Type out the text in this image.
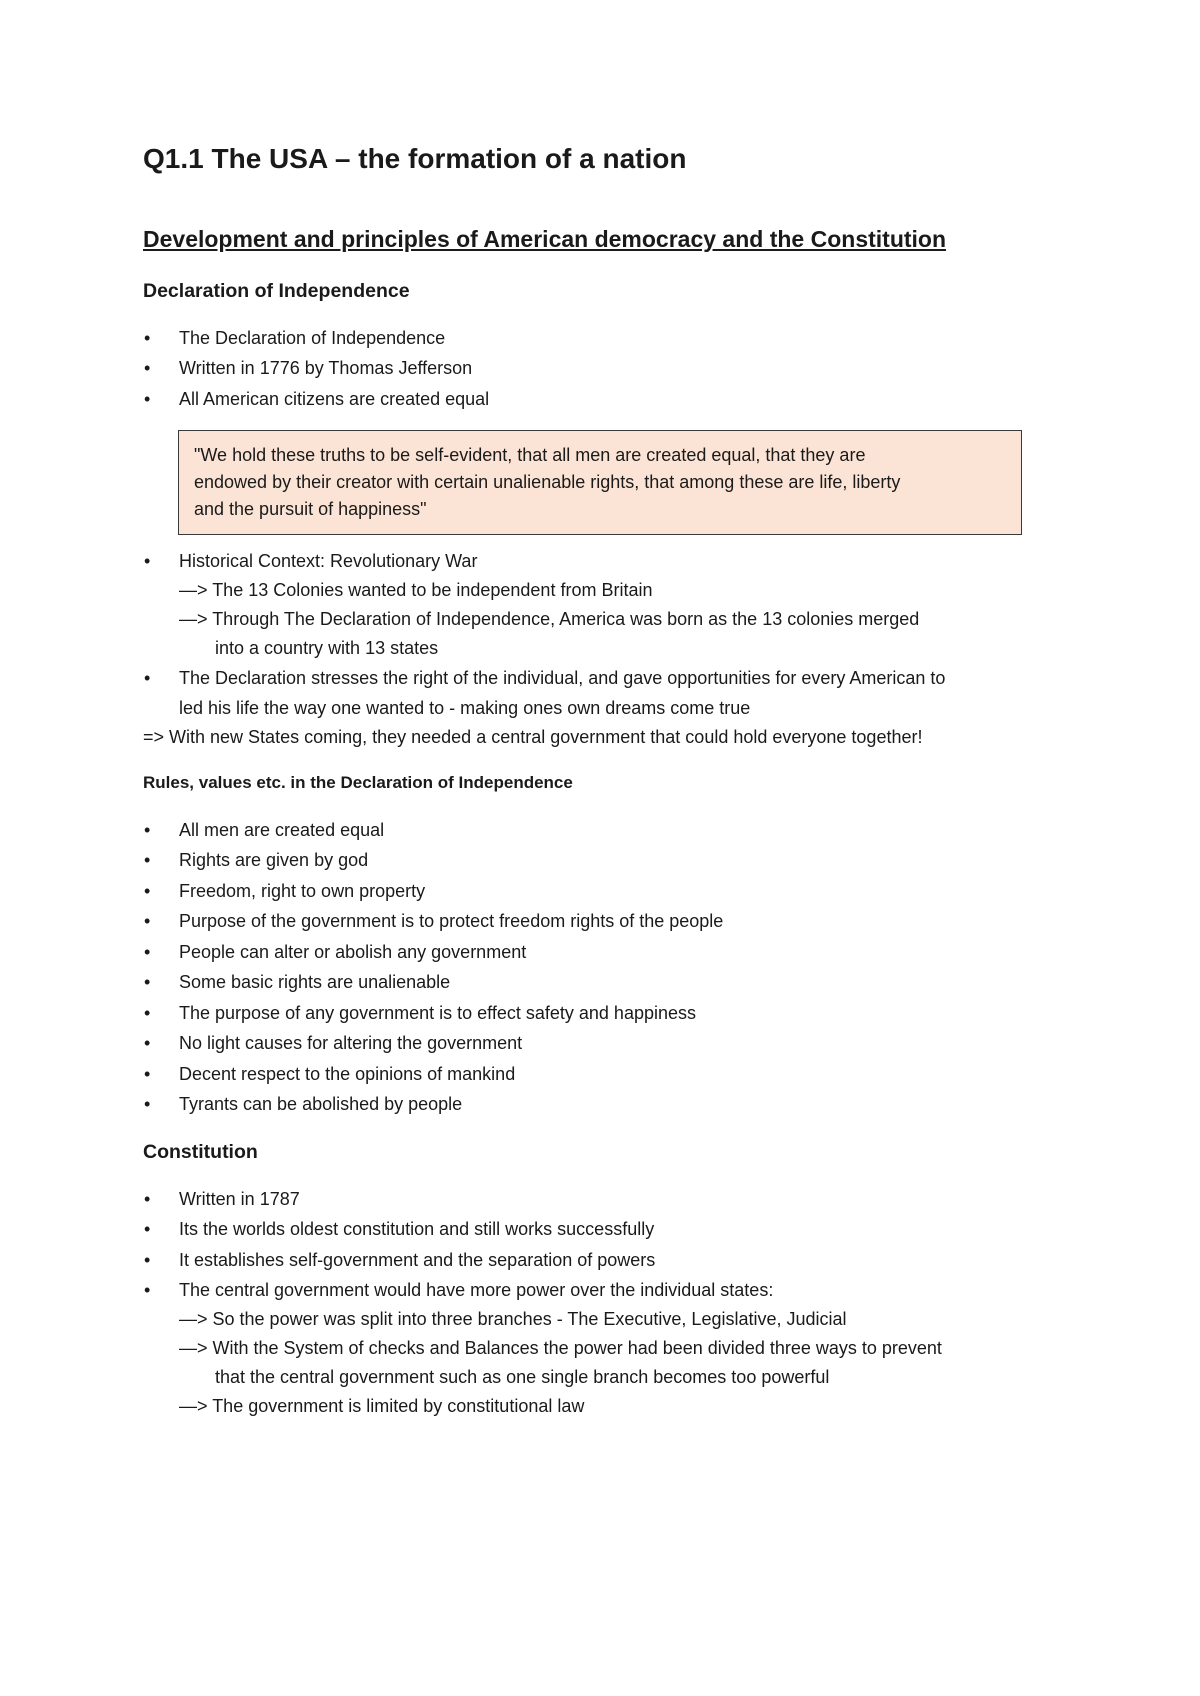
Q1.1 The USA – the formation of a nation
Development and principles of American democracy and the Constitution
Declaration of Independence
• The Declaration of Independence
• Written in 1776 by Thomas Jefferson
• All American citizens are created equal
"We hold these truths to be self-evident, that all men are created equal, that they are
endowed by their creator with certain unalienable rights, that among these are life, liberty
and the pursuit of happiness"
• Historical Context: Revolutionary War
—> The 13 Colonies wanted to be independent from Britain
—> Through The Declaration of Independence, America was born as the 13 colonies merged
into a country with 13 states
• The Declaration stresses the right of the individual, and gave opportunities for every American to
led his life the way one wanted to - making ones own dreams come true
=> With new States coming, they needed a central government that could hold everyone together!
Rules, values etc. in the Declaration of Independence
• All men are created equal
• Rights are given by god
• Freedom, right to own property
• Purpose of the government is to protect freedom rights of the people
• People can alter or abolish any government
• Some basic rights are unalienable
• The purpose of any government is to effect safety and happiness
• No light causes for altering the government
• Decent respect to the opinions of mankind
• Tyrants can be abolished by people
Constitution
• Written in 1787
• Its the worlds oldest constitution and still works successfully
• It establishes self-government and the separation of powers
• The central government would have more power over the individual states:
—> So the power was split into three branches - The Executive, Legislative, Judicial
—> With the System of checks and Balances the power had been divided three ways to prevent
that the central government such as one single branch becomes too powerful
—> The government is limited by constitutional law
